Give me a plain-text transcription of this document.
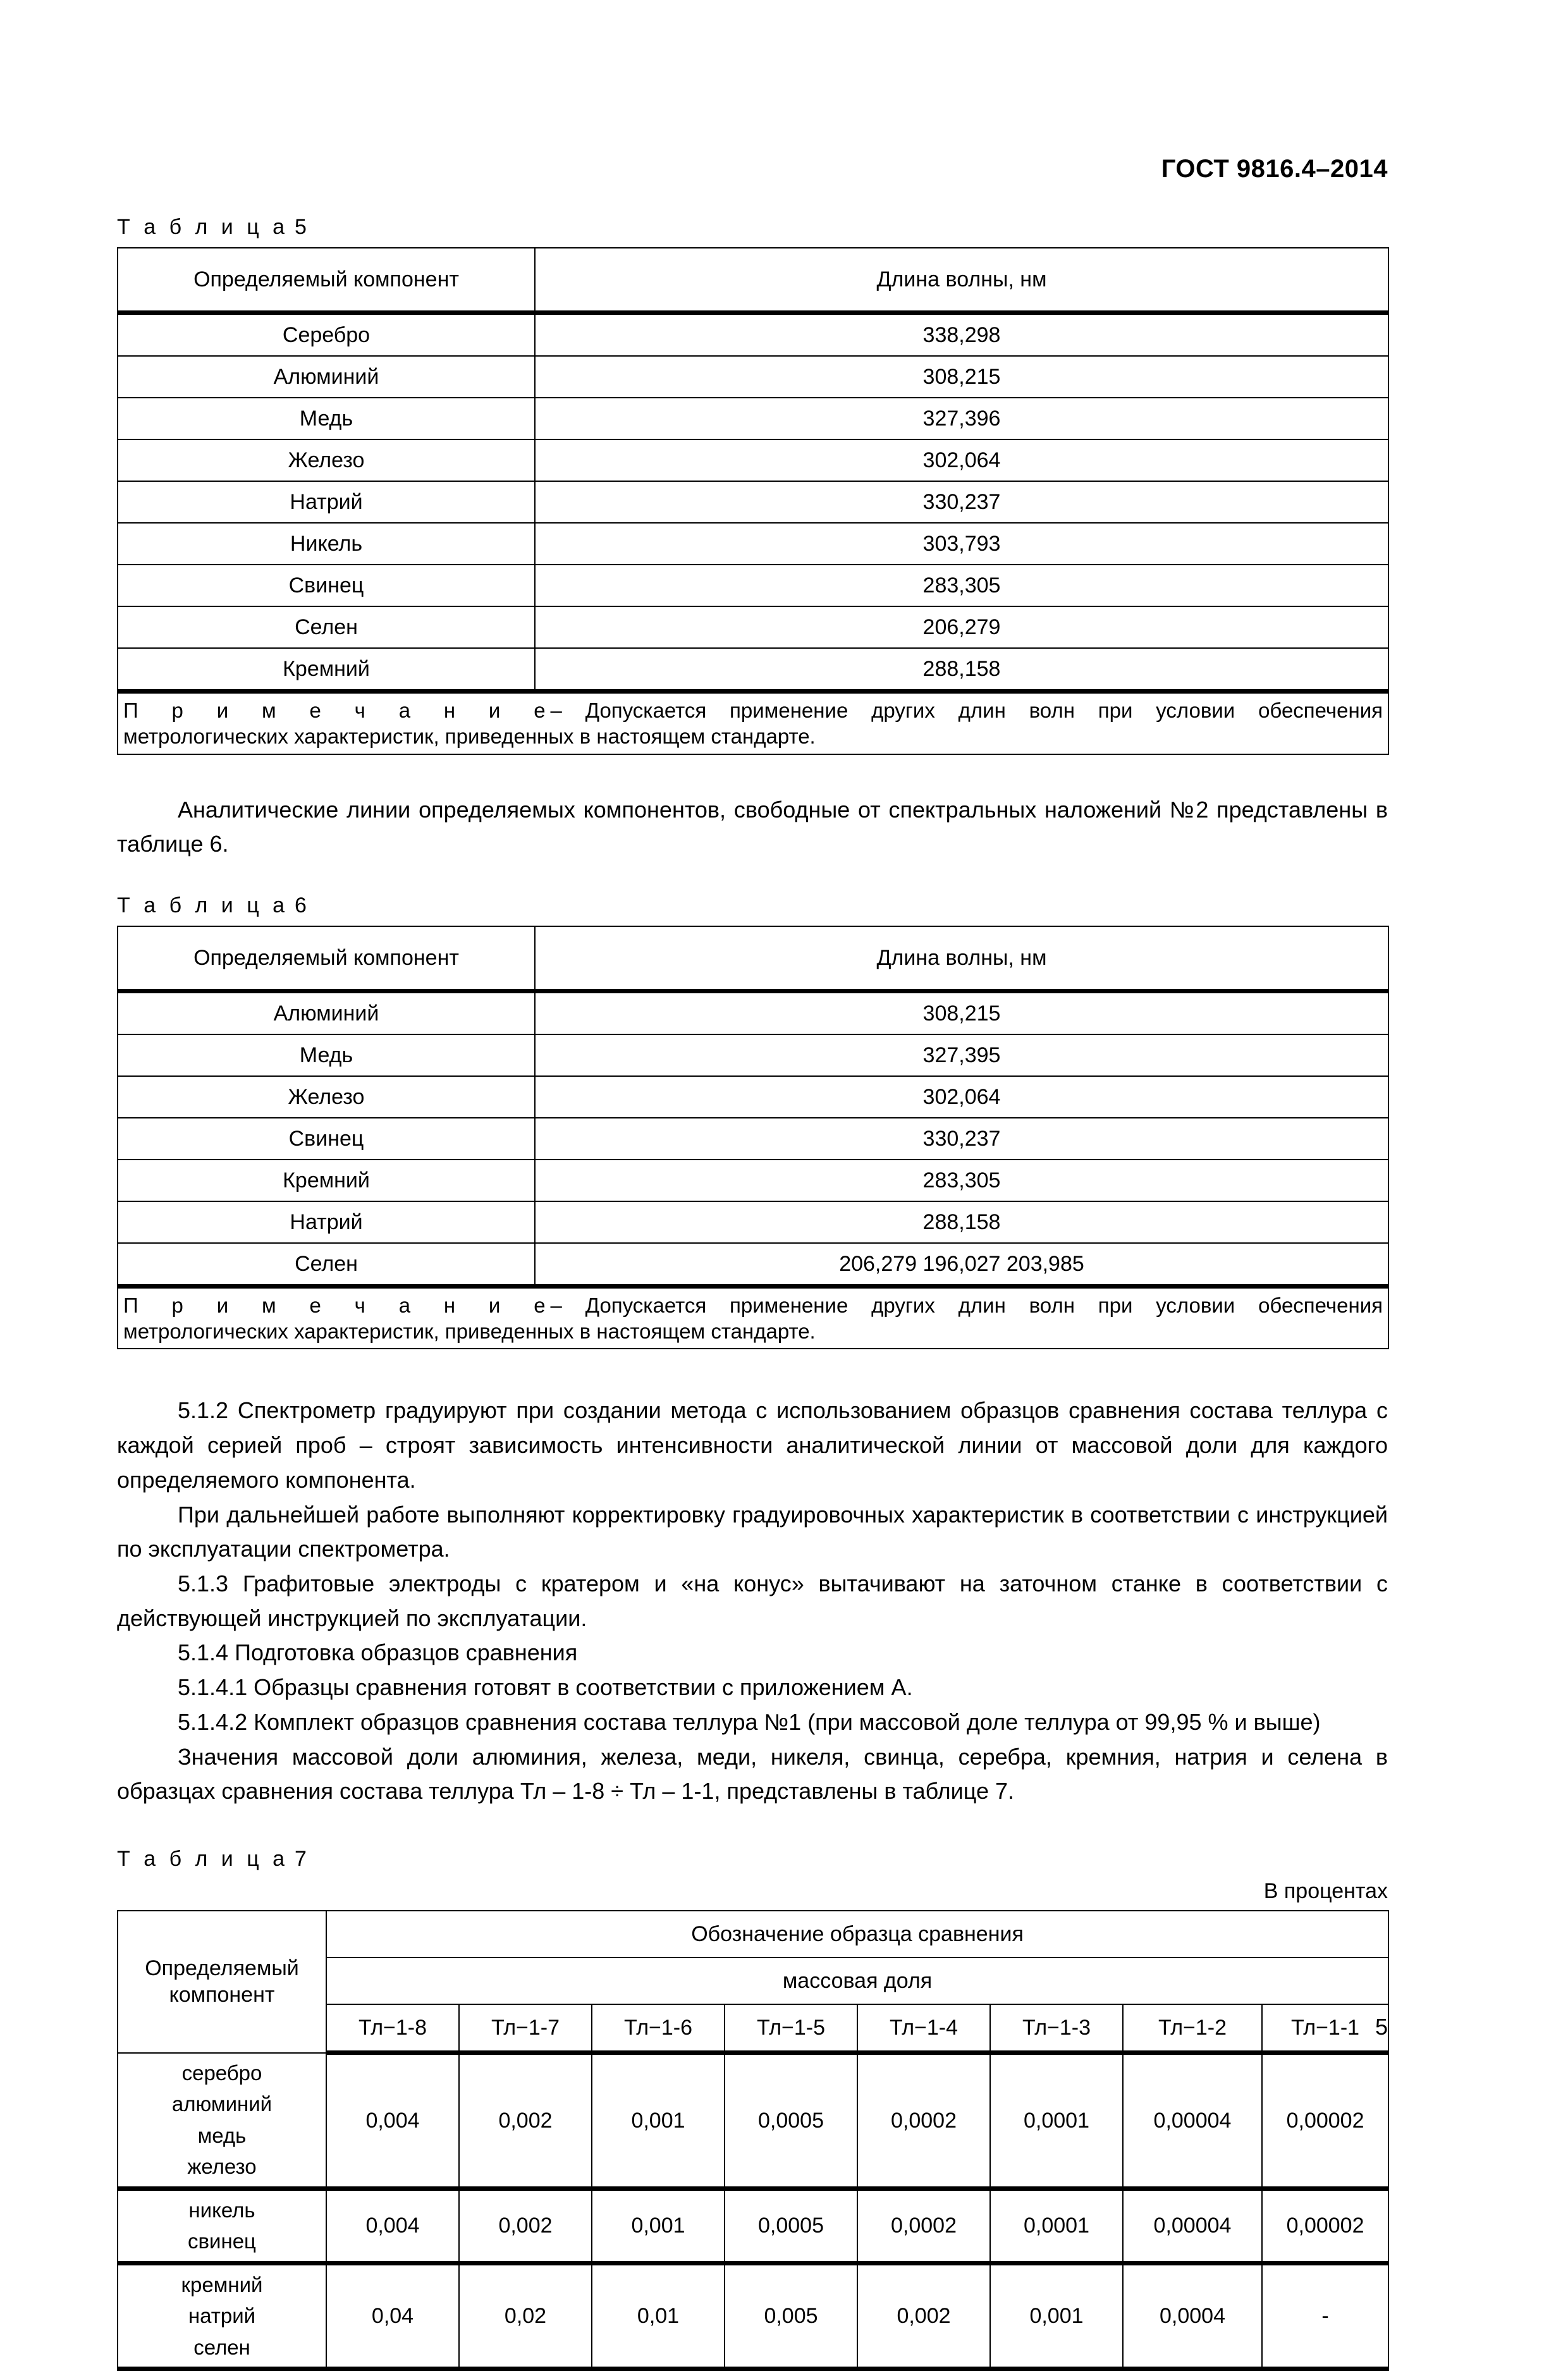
ГОСТ 9816.4–2014
Т а б л и ц а 5
Определяемый компонент	Длина волны, нм
Серебро	338,298
Алюминий	308,215
Медь	327,396
Железо	302,064
Натрий	330,237
Никель	303,793
Свинец	283,305
Селен	206,279
Кремний	288,158

П р и м е ч а н и е– Допускается применение других длин волн при условии обеспечения
метрологических характеристик, приведенных в настоящем стандарте.	

Аналитические линии определяемых компонентов, свободные от спектральных наложений №2 представлены в таблице 6.

Т а б л и ц а 6
Определяемый компонент	Длина волны, нм
Алюминий	308,215
Медь	327,395
Железо	302,064
Свинец	330,237
Кремний	283,305
Натрий	288,158
Селен	206,279 196,027 203,985

П р и м е ч а н и е– Допускается применение других длин волн при условии обеспечения
метрологических характеристик, приведенных в настоящем стандарте.	

5.1.2 Спектрометр градуируют при создании метода с использованием образцов сравнения состава теллура с каждой серией проб – строят зависимость интенсивности аналитической линии от массовой доли для каждого определяемого компонента.

При дальнейшей работе выполняют корректировку градуировочных характеристик в соответствии с инструкцией по эксплуатации спектрометра.

5.1.3 Графитовые электроды с кратером и «на конус» вытачивают на заточном станке в соответствии с действующей инструкцией по эксплуатации.

5.1.4 Подготовка образцов сравнения

5.1.4.1 Образцы сравнения готовят в соответствии с приложением А.

5.1.4.2 Комплект образцов сравнения состава теллура №1 (при массовой доле теллура от 99,95 % и выше)

Значения массовой доли алюминия, железа, меди, никеля, свинца, серебра, кремния, натрия и селена в образцах сравнения состава теллура Тл – 1-8 ÷ Тл – 1-1, представлены в таблице 7.

Т а б л и ц а 7
В процентах
Определяемый
компонент	Обозначение образца сравнения							
	массовая доля							
	Тл−1-8	Тл−1-7	Тл−1-6	Тл−1-5	Тл−1-4	Тл−1-3	Тл−1-2	Тл−1-1
серебро
алюминий
медь
железо	0,004	0,002	0,001	0,0005	0,0002	0,0001	0,00004	0,00002
никель
свинец	0,004	0,002	0,001	0,0005	0,0002	0,0001	0,00004	0,00002
кремний
натрий
селен	0,04	0,02	0,01	0,005	0,002	0,001	0,0004	-
5
